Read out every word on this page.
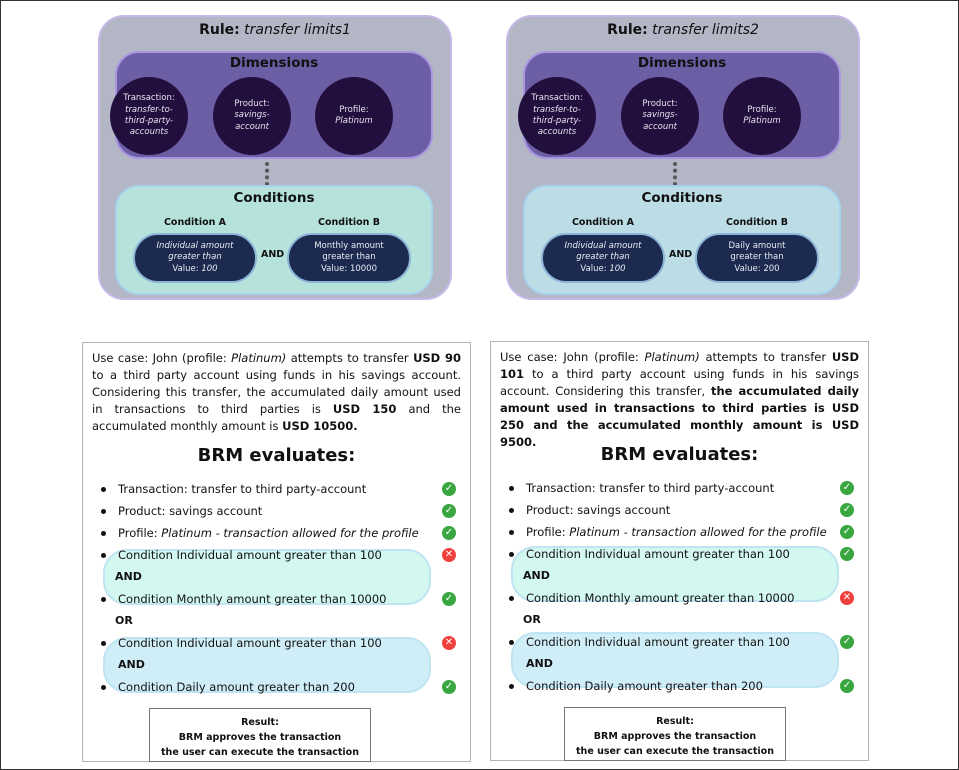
Rule: transfer limits1
Dimensions
Transaction:
transfer-​to-​third-​party-​accounts
Product:
savings-​account
Profile:
Platinum
Conditions
Condition A
Individual amount
greater than
Value: 100
Condition B
Monthly amount
greater than
Value: 10000
AND
Rule: transfer limits2
Dimensions
Transaction:
transfer-​to-​third-​party-​accounts
Product:
savings-​account
Profile:
Platinum
Conditions
Condition A
Individual amount
greater than
Value: 100
Condition B
Daily amount
greater than
Value: 200
AND
Use case: John (profile: Platinum) attempts to transfer USD 90 to a third party account using funds in his savings account. Considering this transfer, the accumulated daily amount used in transactions to third parties is USD 150 and the accumulated monthly amount is USD 10500.
BRM evaluates:
Transaction: transfer to third party-account	✓
Product: savings account	✓
Profile: Platinum - transaction allowed for the profile	✓
Condition Individual amount greater than 100	✕
Condition Monthly amount greater than 10000	✓
Condition Individual amount greater than 100	✕
Condition Daily amount greater than 200	✓
AND
OR
AND
Result:
BRM approves the transaction
the user can execute the transaction
Use case: John (profile: Platinum) attempts to transfer USD 101 to a third party account using funds in his savings account. Considering this transfer, the accumulated daily amount used in transactions to third parties is USD 250 and the accumulated monthly amount is USD 9500.
BRM evaluates:
Transaction: transfer to third party-account	✓
Product: savings account	✓
Profile: Platinum - transaction allowed for the profile ✓
Condition Individual amount greater than 100	✓
Condition Monthly amount greater than 10000	✕
Condition Individual amount greater than 100	✓
Condition Daily amount greater than 200	✓
AND
OR
AND
Result:
BRM approves the transaction
the user can execute the transaction
